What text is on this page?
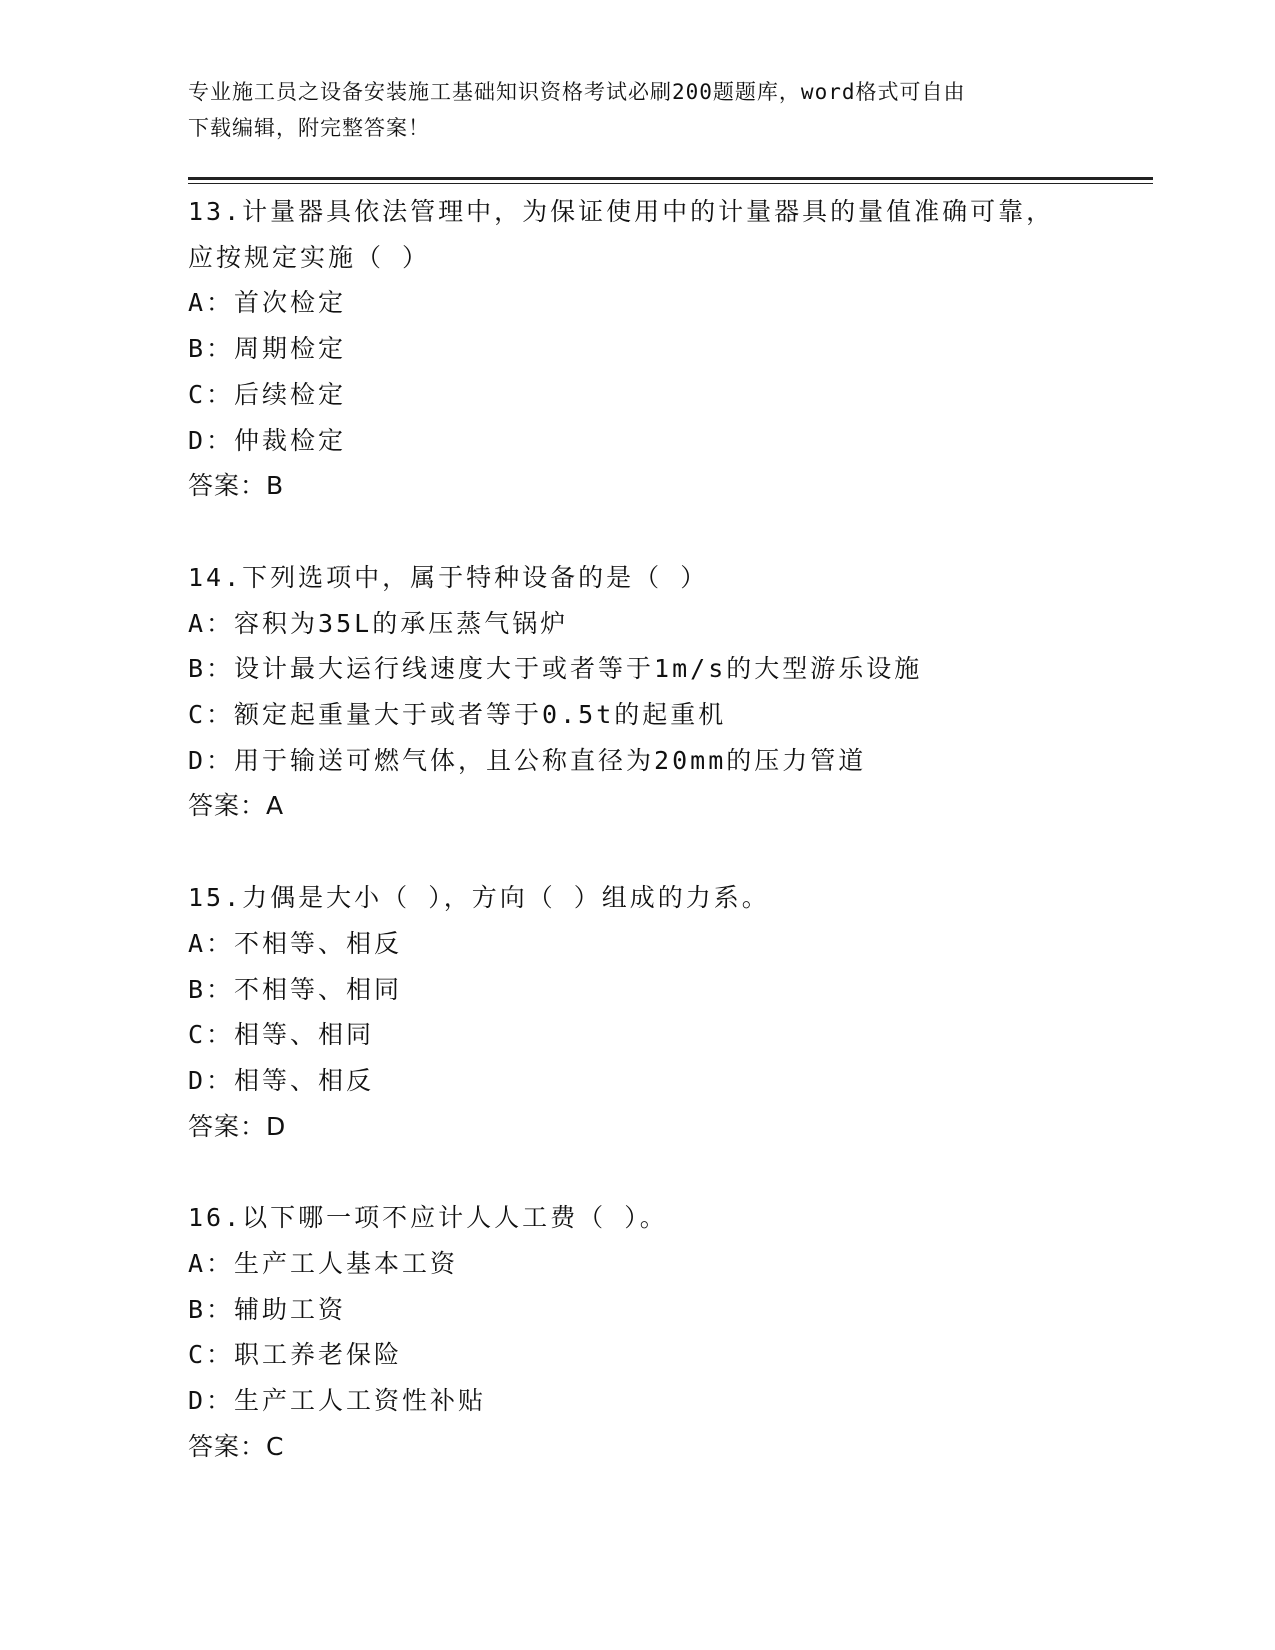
专业施工员之设备安装施工基础知识资格考试必刷200题题库，word格式可自由
下载编辑，附完整答案！
13.计量器具依法管理中，为保证使用中的计量器具的量值准确可靠，
应按规定实施（ ）
A：首次检定
B：周期检定
C：后续检定
D：仲裁检定
答案：B
14.下列选项中，属于特种设备的是（ ）
A：容积为35L的承压蒸气锅炉
B：设计最大运行线速度大于或者等于1m/s的大型游乐设施
C：额定起重量大于或者等于0.5t的起重机
D：用于输送可燃气体，且公称直径为20mm的压力管道
答案：A
15.力偶是大小（ ），方向（ ）组成的力系。
A：不相等、相反
B：不相等、相同
C：相等、相同
D：相等、相反
答案：D
16.以下哪一项不应计人人工费（ ）。
A：生产工人基本工资
B：辅助工资
C：职工养老保险
D：生产工人工资性补贴
答案：C
